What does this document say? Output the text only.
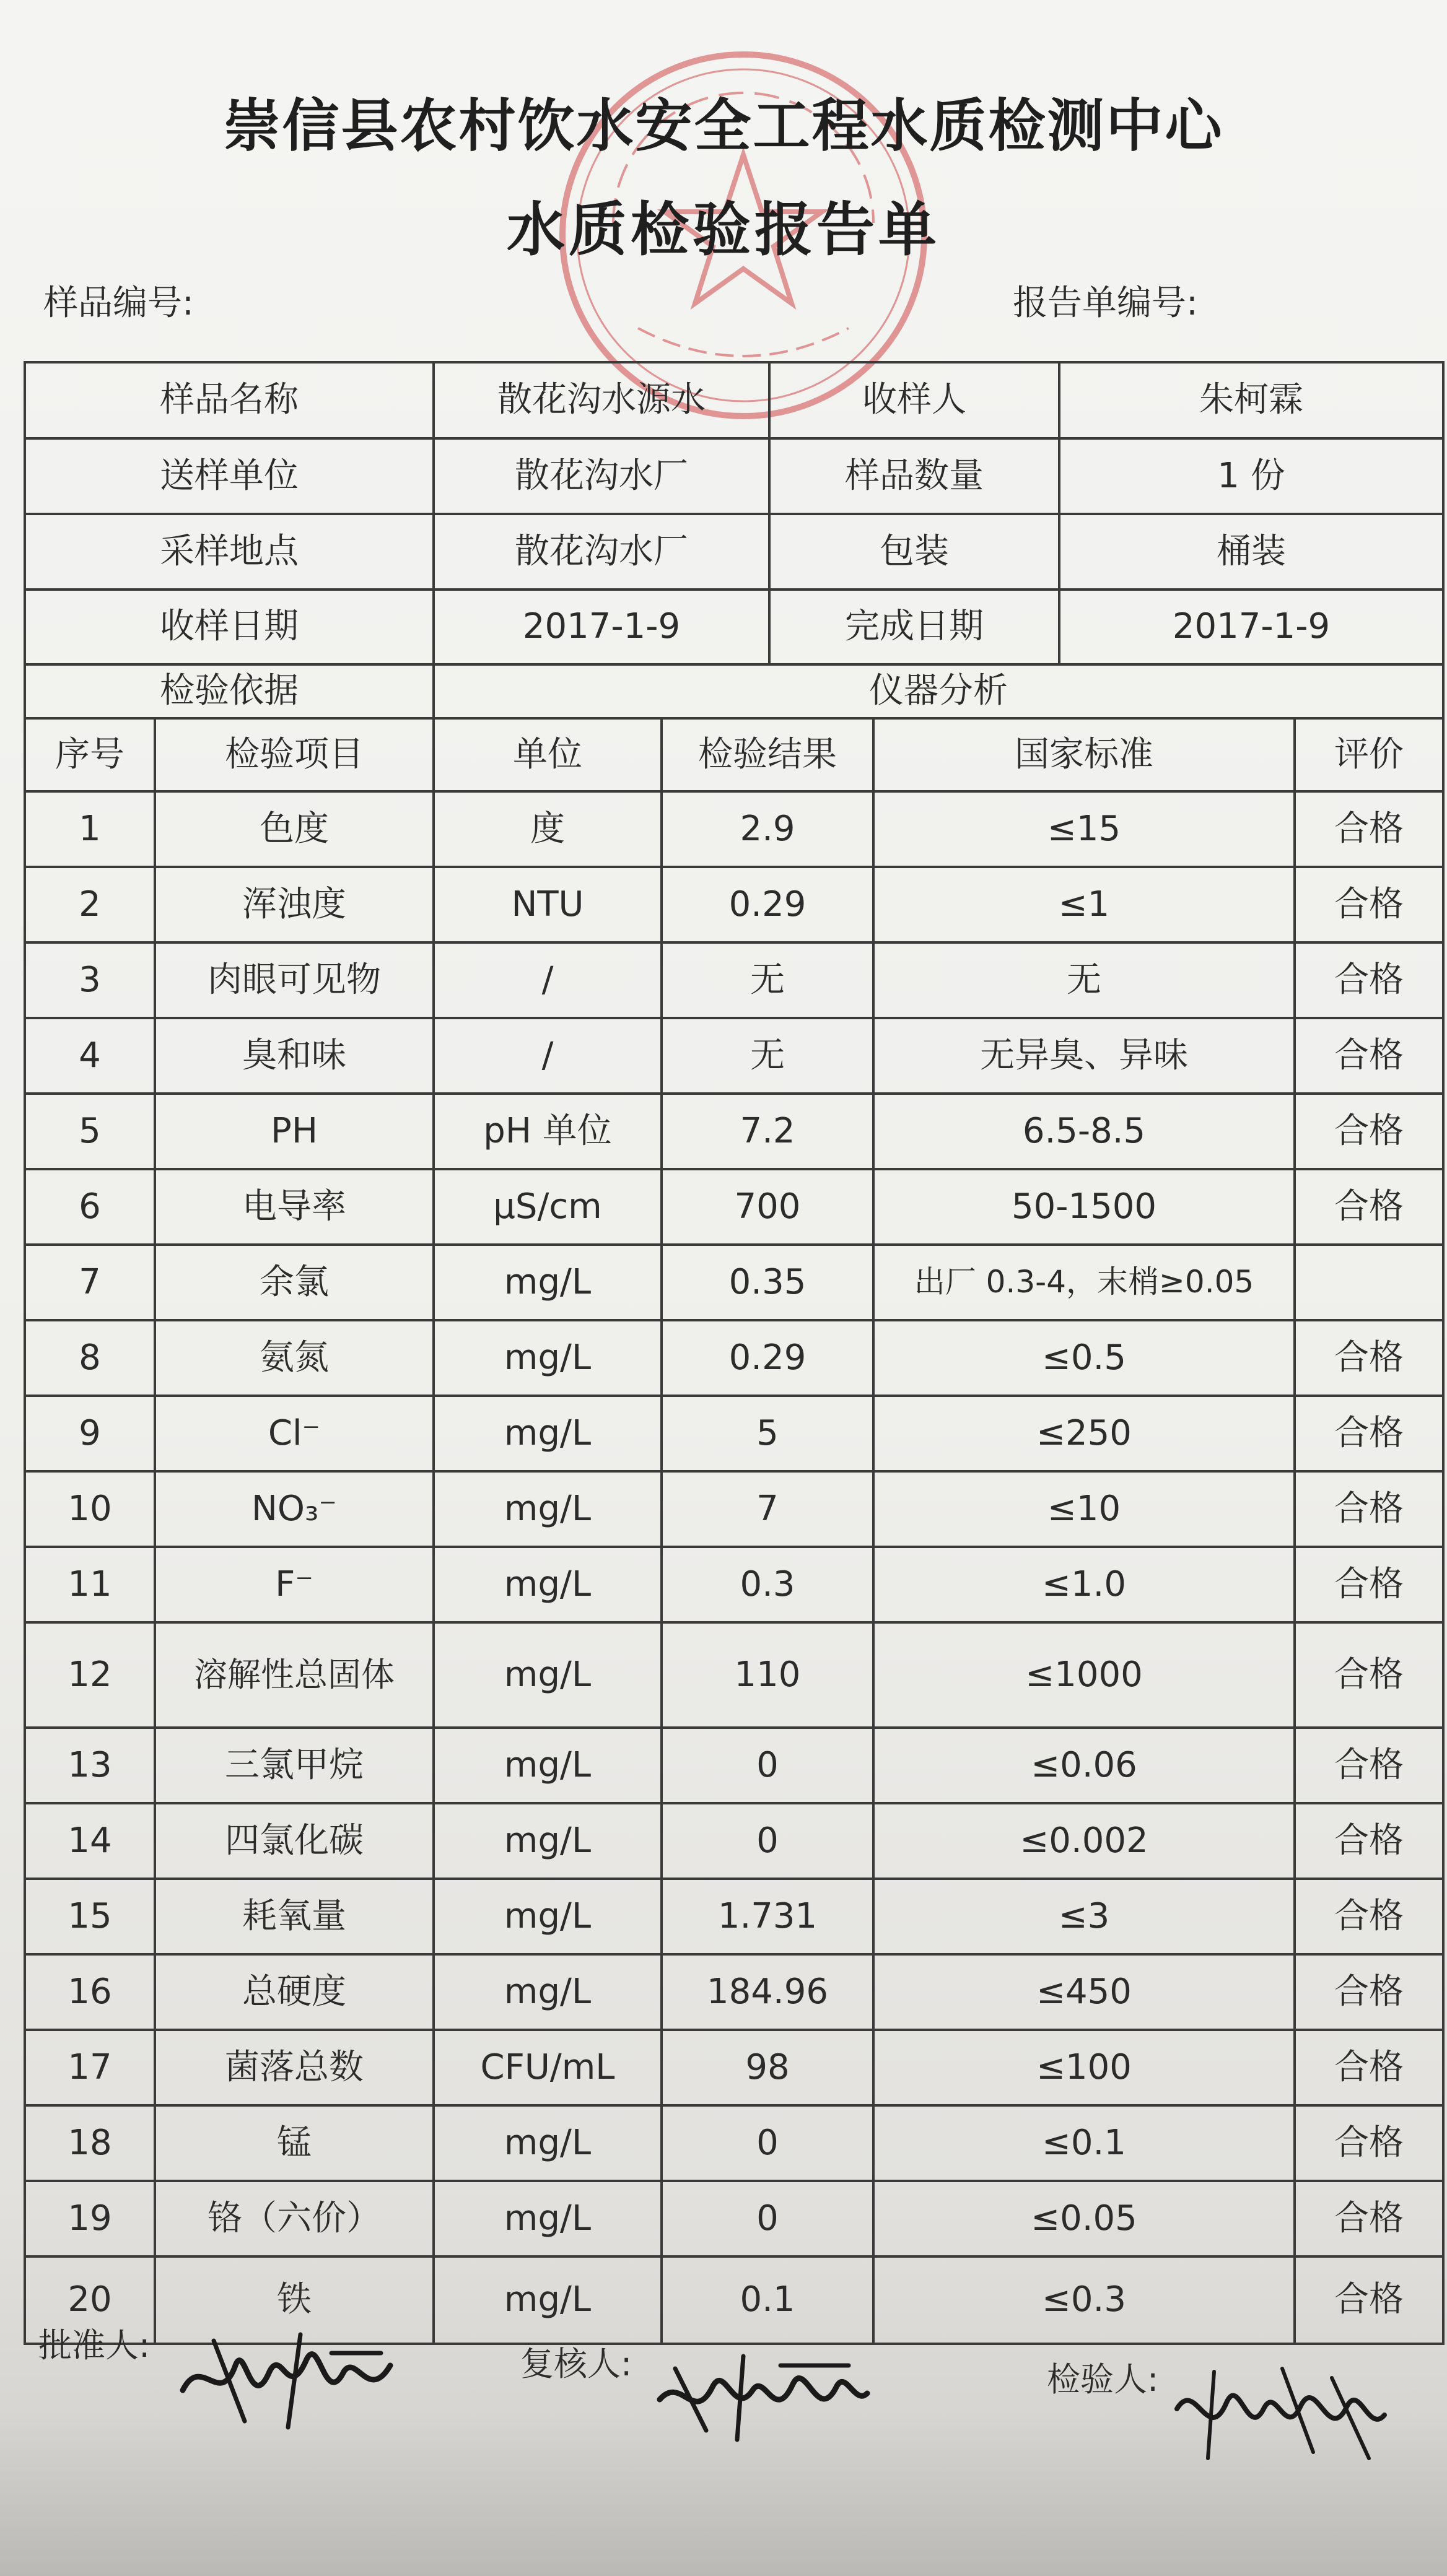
崇信县农村饮水安全工程水质检测中心
水质检验报告单
样品编号:	报告单编号:
样品名称	散花沟水源水	收样人	朱柯霖
送样单位	散花沟水厂	样品数量	1 份
采样地点	散花沟水厂	包装	桶装
收样日期	2017-1-9	完成日期	2017-1-9
检验依据	仪器分析
序号	检验项目	单位	检验结果	国家标准	评价
1	色度	度	2.9	≤15	合格
2	浑浊度	NTU	0.29	≤1	合格
3	肉眼可见物	/	无	无	合格
4	臭和味	/	无	无异臭、异味	合格
5	PH	pH 单位	7.2	6.5-8.5	合格
6	电导率	μS/cm	700	50-1500	合格
7	余氯	mg/L	0.35	出厂 0.3-4，末梢≥0.05
8	氨氮	mg/L	0.29	≤0.5	合格
9	Cl⁻	mg/L	5	≤250	合格
10	NO₃⁻	mg/L	7	≤10	合格
11	F⁻	mg/L	0.3	≤1.0	合格
12	溶解性总固体	mg/L	110	≤1000	合格
13	三氯甲烷	mg/L	0	≤0.06	合格
14	四氯化碳	mg/L	0	≤0.002	合格
15	耗氧量	mg/L	1.731	≤3	合格
16	总硬度	mg/L	184.96	≤450	合格
17	菌落总数	CFU/mL	98	≤100	合格
18	锰	mg/L	0	≤0.1	合格
19	铬（六价）	mg/L	0	≤0.05	合格
20	铁	mg/L	0.1	≤0.3	合格
批准人:	复核人:	检验人:
